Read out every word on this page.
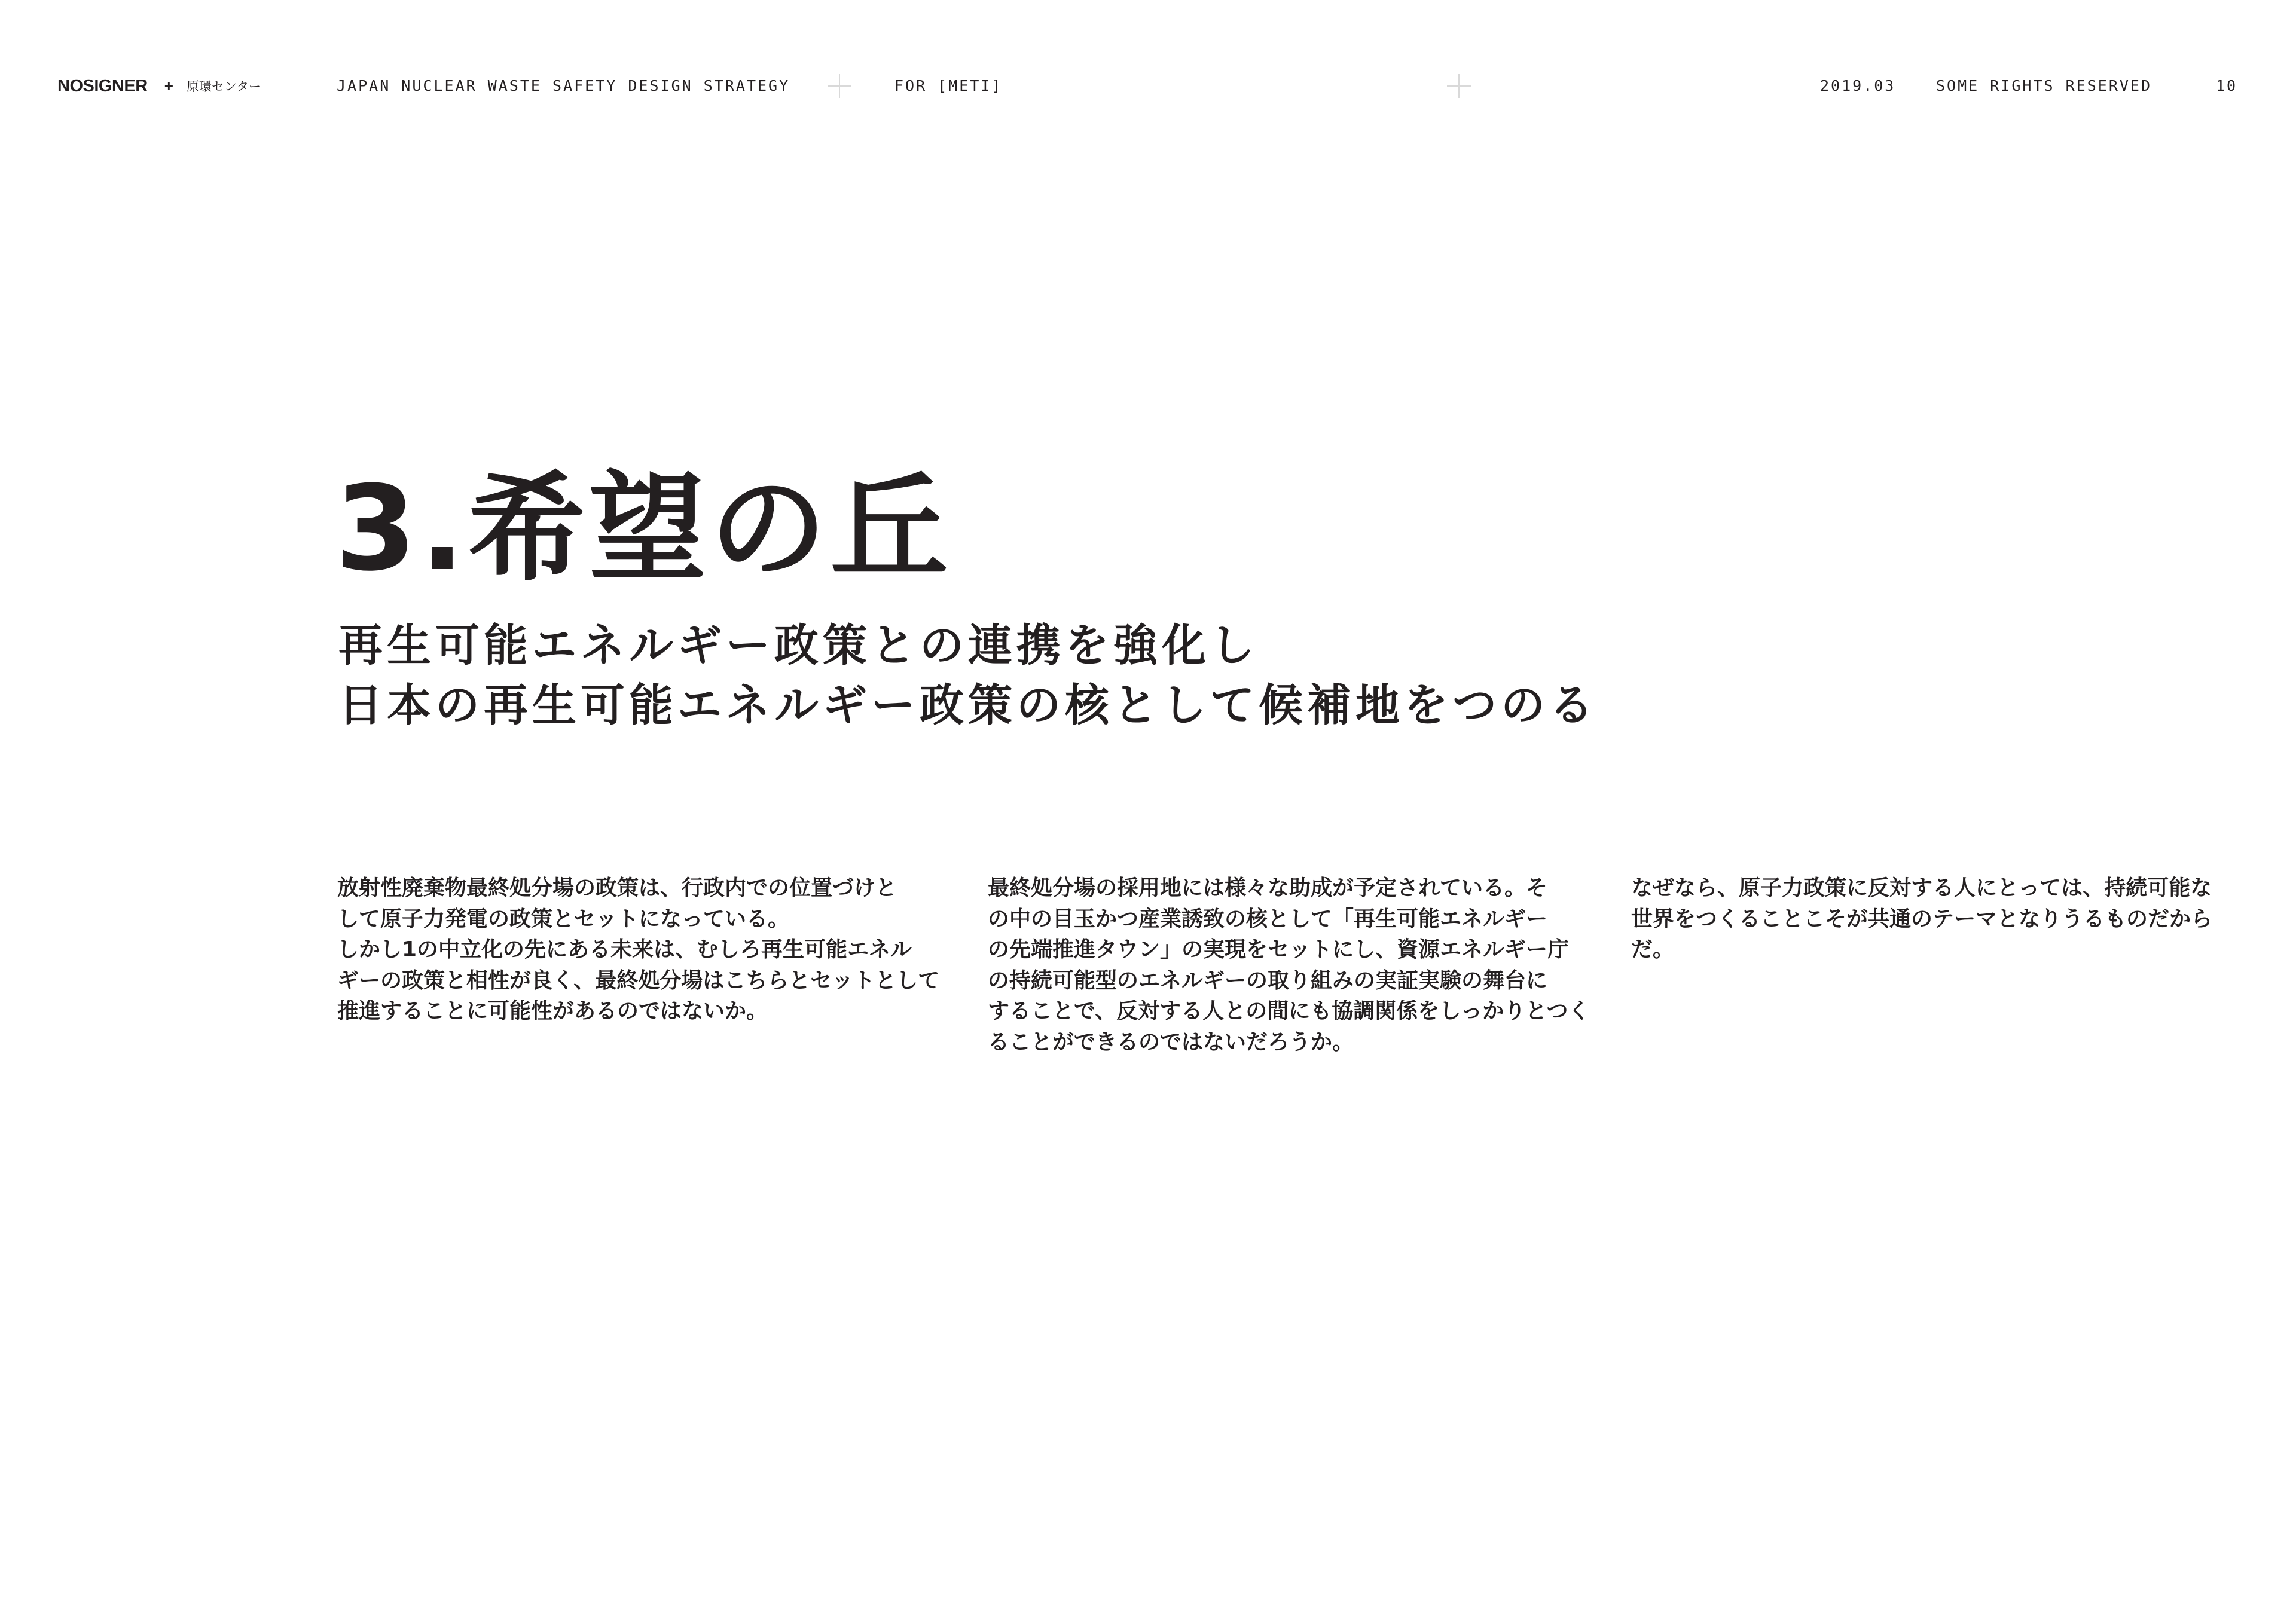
NOSIGNER + 原環センター	JAPAN NUCLEAR WASTE SAFETY DESIGN STRATEGY	FOR [METI]	2019.03	SOME RIGHTS RESERVED	10
3.希望の丘
再生可能エネルギー政策との連携を強化し
日本の再生可能エネルギー政策の核として候補地をつのる

放射性廃棄物最終処分場の政策は、行政内での位置づけと

して原子力発電の政策とセットになっている。

しかし1の中立化の先にある未来は、むしろ再生可能エネル

ギーの政策と相性が良く、最終処分場はこちらとセットとして

推進することに可能性があるのではないか。

最終処分場の採用地には様々な助成が予定されている。そ

の中の目玉かつ産業誘致の核として「再生可能エネルギー

の先端推進タウン」の実現をセットにし、資源エネルギー庁

の持続可能型のエネルギーの取り組みの実証実験の舞台に

することで、反対する人との間にも協調関係をしっかりとつく

ることができるのではないだろうか。

なぜなら、原子力政策に反対する人にとっては、持続可能な

世界をつくることこそが共通のテーマとなりうるものだから

だ。
